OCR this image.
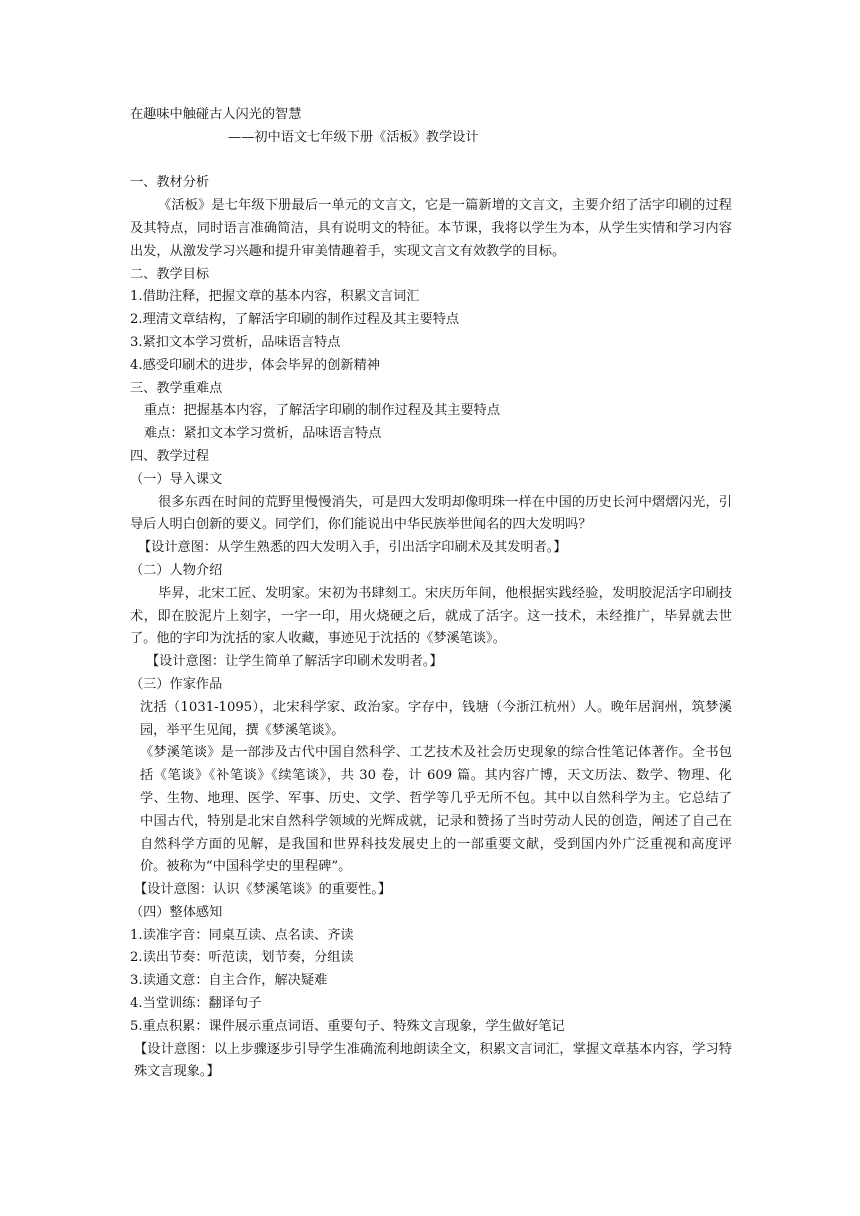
在趣味中触碰古人闪光的智慧
——初中语文七年级下册《活板》教学设计
一、教材分析
《活板》是七年级下册最后一单元的文言文，它是一篇新增的文言文，主要介绍了活字印刷的过程及其特点，同时语言准确简洁，具有说明文的特征。本节课，我将以学生为本，从学生实情和学习内容出发，从激发学习兴趣和提升审美情趣着手，实现文言文有效教学的目标。
二、教学目标
1.借助注释，把握文章的基本内容，积累文言词汇
2.理清文章结构，了解活字印刷的制作过程及其主要特点
3.紧扣文本学习赏析，品味语言特点
4.感受印刷术的进步，体会毕昇的创新精神
三、教学重难点
重点：把握基本内容，了解活字印刷的制作过程及其主要特点
难点：紧扣文本学习赏析，品味语言特点
四、教学过程
（一）导入课文
很多东西在时间的荒野里慢慢消失，可是四大发明却像明珠一样在中国的历史长河中熠熠闪光，引导后人明白创新的要义。同学们，你们能说出中华民族举世闻名的四大发明吗？
【设计意图：从学生熟悉的四大发明入手，引出活字印刷术及其发明者。】
（二）人物介绍
毕昇，北宋工匠、发明家。宋初为书肆刻工。宋庆历年间，他根据实践经验，发明胶泥活字印刷技术，即在胶泥片上刻字，一字一印，用火烧硬之后，就成了活字。这一技术，未经推广，毕昇就去世了。他的字印为沈括的家人收藏，事迹见于沈括的《梦溪笔谈》。
【设计意图：让学生简单了解活字印刷术发明者。】
（三）作家作品
沈括（1031-1095），北宋科学家、政治家。字存中，钱塘（今浙江杭州）人。晚年居润州，筑梦溪园，举平生见闻，撰《梦溪笔谈》。
《梦溪笔谈》是一部涉及古代中国自然科学、工艺技术及社会历史现象的综合性笔记体著作。全书包括《笔谈》《补笔谈》《续笔谈》，共 30 卷，计 609 篇。其内容广博，天文历法、数学、物理、化学、生物、地理、医学、军事、历史、文学、哲学等几乎无所不包。其中以自然科学为主。它总结了中国古代，特别是北宋自然科学领域的光辉成就，记录和赞扬了当时劳动人民的创造，阐述了自己在自然科学方面的见解，是我国和世界科技发展史上的一部重要文献，受到国内外广泛重视和高度评价。被称为“中国科学史的里程碑”。
【设计意图：认识《梦溪笔谈》的重要性。】
（四）整体感知
1.读准字音：同桌互读、点名读、齐读
2.读出节奏：听范读，划节奏，分组读
3.读通文意：自主合作，解决疑难
4.当堂训练：翻译句子
5.重点积累：课件展示重点词语、重要句子、特殊文言现象，学生做好笔记
【设计意图：以上步骤逐步引导学生准确流利地朗读全文，积累文言词汇，掌握文章基本内容，学习特殊文言现象。】
